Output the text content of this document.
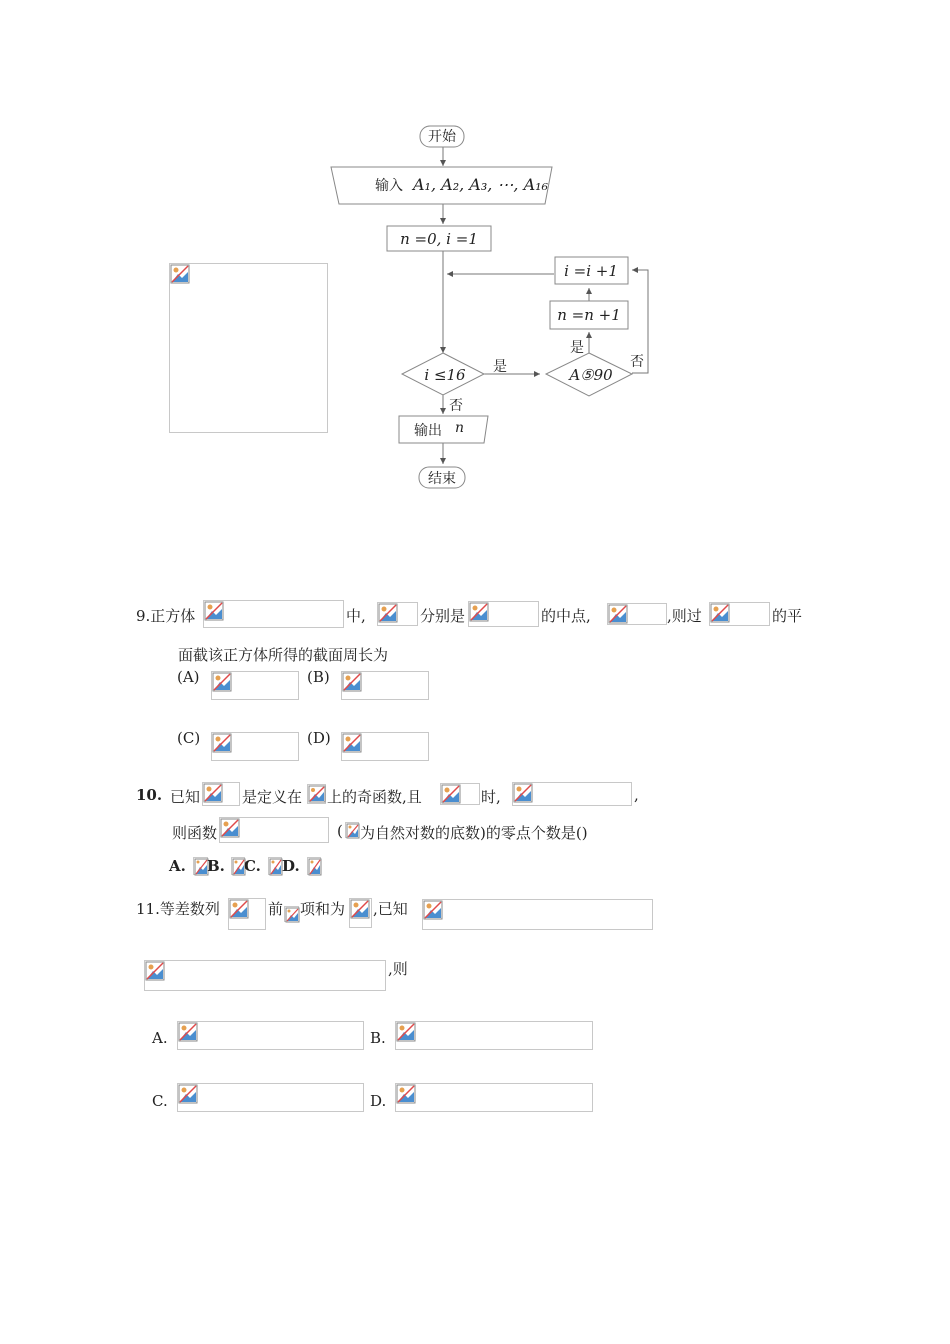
开始
输入 A₁, A₂, A₃, ⋯, A₁₆
n =0, i =1
i ≤16 是	A⑤90
是
否
n =n +1
i =i +1
否
输出 n
结束
9.正方体	中,	分别是	的中点,	,则过	的平
面截该正方体所得的截面周长为
(A)	(B)
(C)	(D)
10. 已知	是定义在 上的奇函数,且	时,	,
则函数	( 为自然对数的底数)的零点个数是()
A. B. C. D.
11.等差数列	前 项和为 ,已知
,则
A.	B.
C.	D.
